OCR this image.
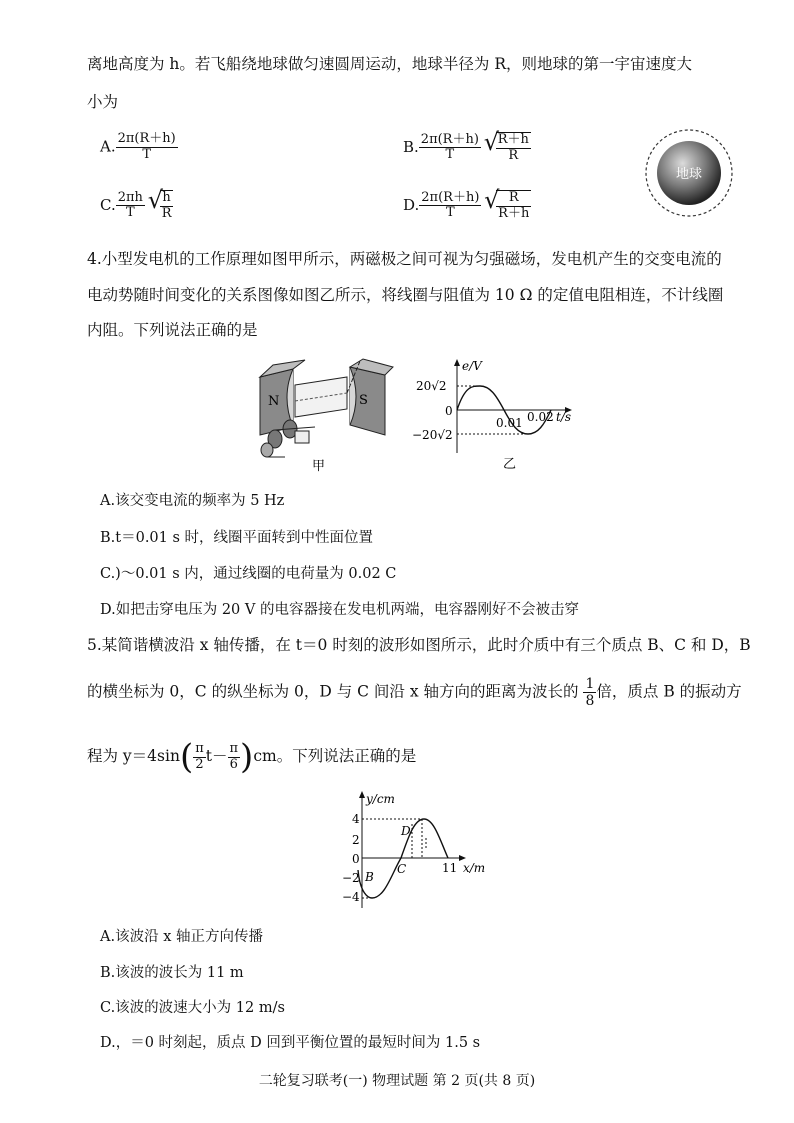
离地高度为 h。若飞船绕地球做匀速圆周运动，地球半径为 R，则地球的第一宇宙速度大
小为
A. $\frac{2\pi(R+h)}{T}$	B. $\frac{2\pi(R+h)}{T}$
√ $\frac{R+h}{R}$
C. $\frac{2\pi h}{T}$
√ $\frac{h}{R}$	D. $\frac{2\pi(R+h)}{T}$
√ $\frac{R}{R+h}$
地球
4.小型发电机的工作原理如图甲所示，两磁极之间可视为匀强磁场，发电机产生的交变电流的
电动势随时间变化的关系图像如图乙所示，将线圈与阻值为 10 Ω 的定值电阻相连，不计线圈
内阻。下列说法正确的是
N	S
甲
e/V
20√2
0
−20√2
0.01 0.02 t/s
乙
A.该交变电流的频率为 5 Hz
B.t＝0.01 s 时，线圈平面转到中性面位置
C.)～0.01 s 内，通过线圈的电荷量为 0.02 C
D.如把击穿电压为 20 V 的电容器接在发电机两端，电容器刚好不会被击穿
5.某简谐横波沿 x 轴传播，在 t＝0 时刻的波形如图所示，此时介质中有三个质点 B、C 和 D，B
的横坐标为 0，C 的纵坐标为 0，D 与 C 间沿 x 轴方向的距离为波长的 $\frac{1}{8}$ 倍，质点 B 的振动方
程为 $y=4\sin( \frac{\pi}{2} t- \frac{\pi}{6} )cm$。下列说法正确的是
y/cm
4
2
0
−2
−4
B
C
D
11 x/m
A.该波沿 x 轴正方向传播
B.该波的波长为 11 m
C.该波的波速大小为 12 m/s
D.，＝0 时刻起，质点 D 回到平衡位置的最短时间为 1.5 s
二轮复习联考(一) 物理试题 第 2 页(共 8 页)
